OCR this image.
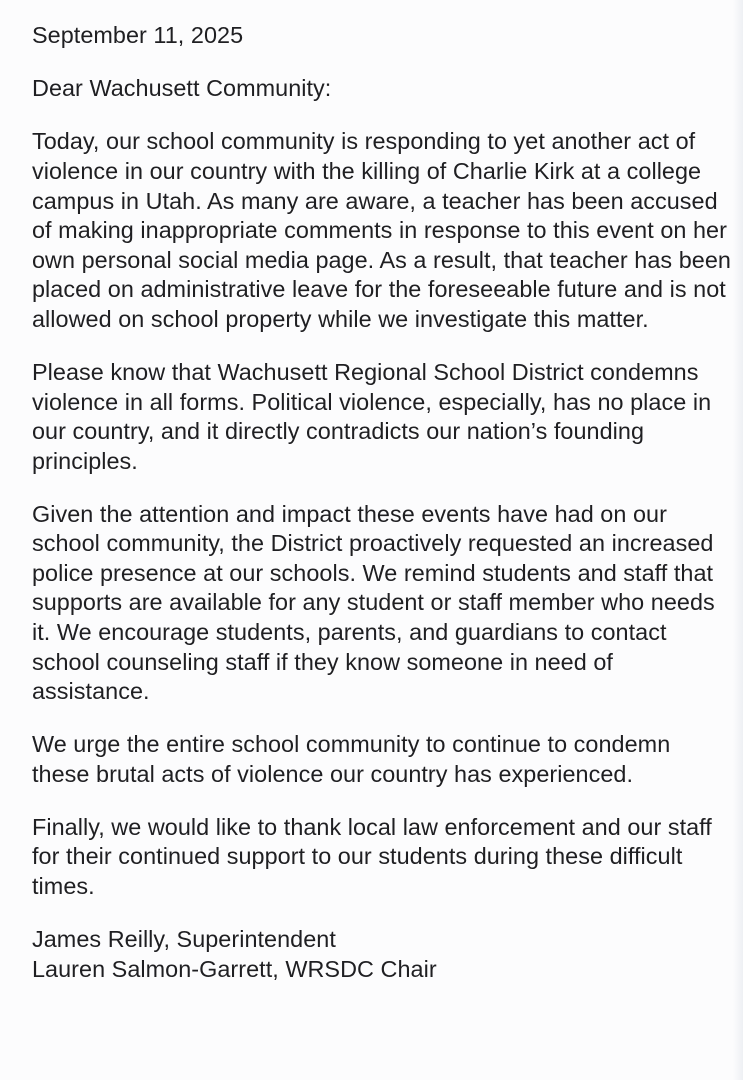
September 11, 2025

Dear Wachusett Community:

Today, our school community is responding to yet another act of violence in our country with the killing of Charlie Kirk at a college campus in Utah. As many are aware, a teacher has been accused of making inappropriate comments in response to this event on her own personal social media page. As a result, that teacher has been placed on administrative leave for the foreseeable future and is not allowed on school property while we investigate this matter.

Please know that Wachusett Regional School District condemns violence in all forms. Political violence, especially, has no place in our country, and it directly contradicts our nation’s founding principles.

Given the attention and impact these events have had on our school community, the District proactively requested an increased police presence at our schools. We remind students and staff that supports are available for any student or staff member who needs it. We encourage students, parents, and guardians to contact school counseling staff if they know someone in need of assistance.

We urge the entire school community to continue to condemn these brutal acts of violence our country has experienced.

Finally, we would like to thank local law enforcement and our staff for their continued support to our students during these difficult times.

James Reilly, Superintendent
Lauren Salmon-Garrett, WRSDC Chair
